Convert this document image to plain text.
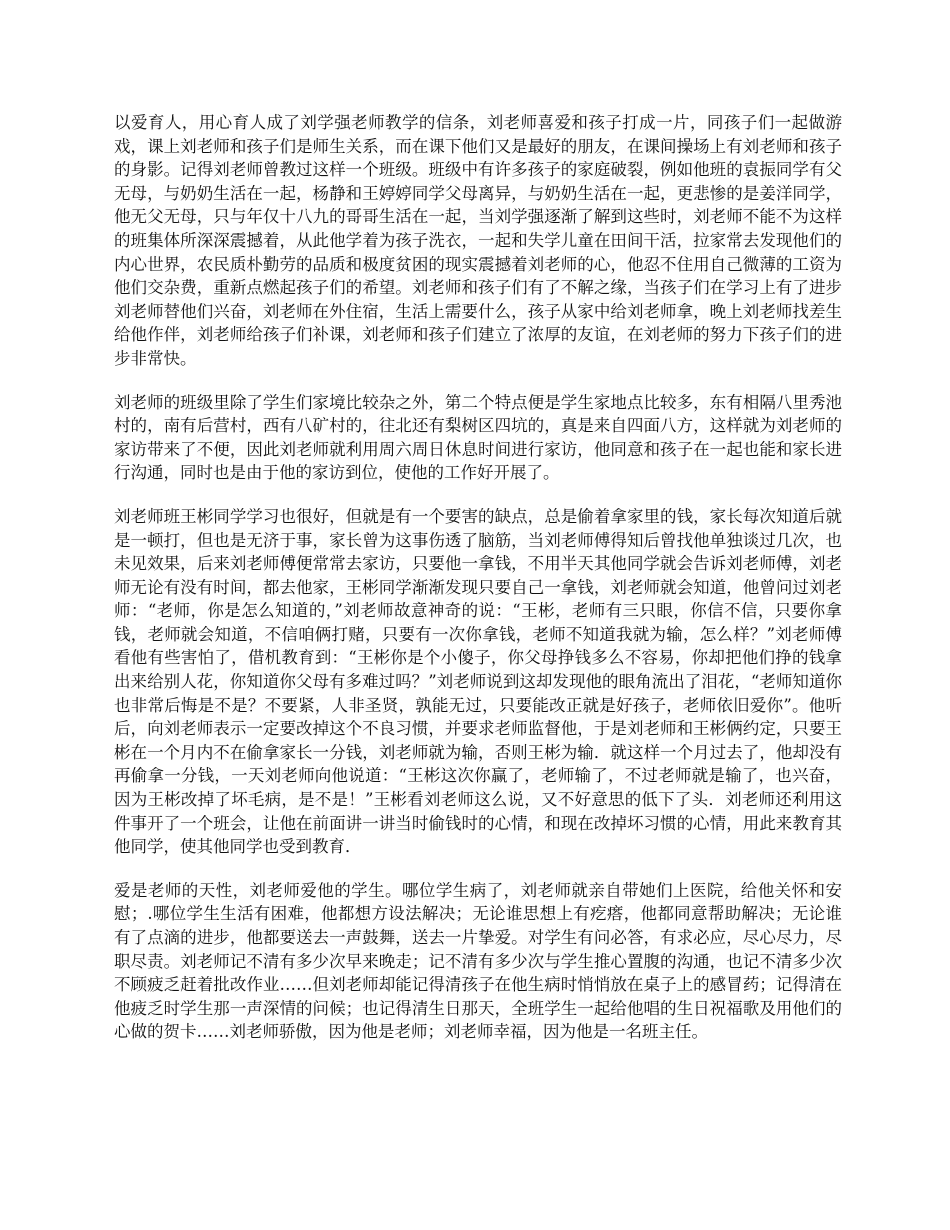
以爱育人，用心育人成了刘学强老师教学的信条，刘老师喜爱和孩子打成一片，同孩子们一起做游戏，课上刘老师和孩子们是师生关系，而在课下他们又是最好的朋友，在课间操场上有刘老师和孩子的身影。记得刘老师曾教过这样一个班级。班级中有许多孩子的家庭破裂，例如他班的袁振同学有父无母，与奶奶生活在一起，杨静和王婷婷同学父母离异，与奶奶生活在一起，更悲惨的是姜洋同学，他无父无母，只与年仅十八九的哥哥生活在一起，当刘学强逐渐了解到这些时，刘老师不能不为这样的班集体所深深震撼着，从此他学着为孩子洗衣，一起和失学儿童在田间干活，拉家常去发现他们的内心世界，农民质朴勤劳的品质和极度贫困的现实震撼着刘老师的心，他忍不住用自己微薄的工资为他们交杂费，重新点燃起孩子们的希望。刘老师和孩子们有了不解之缘，当孩子们在学习上有了进步刘老师替他们兴奋，刘老师在外住宿，生活上需要什么，孩子从家中给刘老师拿，晚上刘老师找差生给他作伴，刘老师给孩子们补课，刘老师和孩子们建立了浓厚的友谊，在刘老师的努力下孩子们的进步非常快。

刘老师的班级里除了学生们家境比较杂之外，第二个特点便是学生家地点比较多，东有相隔八里秀池村的，南有后营村，西有八矿村的，往北还有梨树区四坑的，真是来自四面八方，这样就为刘老师的家访带来了不便，因此刘老师就利用周六周日休息时间进行家访，他同意和孩子在一起也能和家长进行沟通，同时也是由于他的家访到位，使他的工作好开展了。

刘老师班王彬同学学习也很好，但就是有一个要害的缺点，总是偷着拿家里的钱，家长每次知道后就是一顿打，但也是无济于事，家长曾为这事伤透了脑筋，当刘老师傅得知后曾找他单独谈过几次，也未见效果，后来刘老师傅便常常去家访，只要他一拿钱，不用半天其他同学就会告诉刘老师傅，刘老师无论有没有时间，都去他家，王彬同学渐渐发现只要自己一拿钱，刘老师就会知道，他曾问过刘老师：“老师，你是怎么知道的，”刘老师故意神奇的说：“王彬，老师有三只眼，你信不信，只要你拿钱，老师就会知道，不信咱俩打赌，只要有一次你拿钱，老师不知道我就为输，怎么样？”刘老师傅看他有些害怕了，借机教育到：“王彬你是个小傻子，你父母挣钱多么不容易，你却把他们挣的钱拿出来给别人花，你知道你父母有多难过吗？”刘老师说到这却发现他的眼角流出了泪花，“老师知道你也非常后悔是不是？不要紧，人非圣贤，孰能无过，只要能改正就是好孩子，老师依旧爱你”。他听后，向刘老师表示一定要改掉这个不良习惯，并要求老师监督他，于是刘老师和王彬俩约定，只要王彬在一个月内不在偷拿家长一分钱，刘老师就为输，否则王彬为输．就这样一个月过去了，他却没有再偷拿一分钱，一天刘老师向他说道：“王彬这次你赢了，老师输了，不过老师就是输了，也兴奋，因为王彬改掉了坏毛病，是不是！”王彬看刘老师这么说，又不好意思的低下了头．刘老师还利用这件事开了一个班会，让他在前面讲一讲当时偷钱时的心情，和现在改掉坏习惯的心情，用此来教育其他同学，使其他同学也受到教育．

爱是老师的天性，刘老师爱他的学生。哪位学生病了，刘老师就亲自带她们上医院，给他关怀和安慰；.哪位学生生活有困难，他都想方设法解决；无论谁思想上有疙瘩，他都同意帮助解决；无论谁有了点滴的进步，他都要送去一声鼓舞，送去一片挚爱。对学生有问必答，有求必应，尽心尽力，尽职尽责。刘老师记不清有多少次早来晚走；记不清有多少次与学生推心置腹的沟通，也记不清多少次不顾疲乏赶着批改作业……但刘老师却能记得清孩子在他生病时悄悄放在桌子上的感冒药；记得清在他疲乏时学生那一声深情的问候；也记得清生日那天，全班学生一起给他唱的生日祝福歌及用他们的心做的贺卡……刘老师骄傲，因为他是老师；刘老师幸福，因为他是一名班主任。
